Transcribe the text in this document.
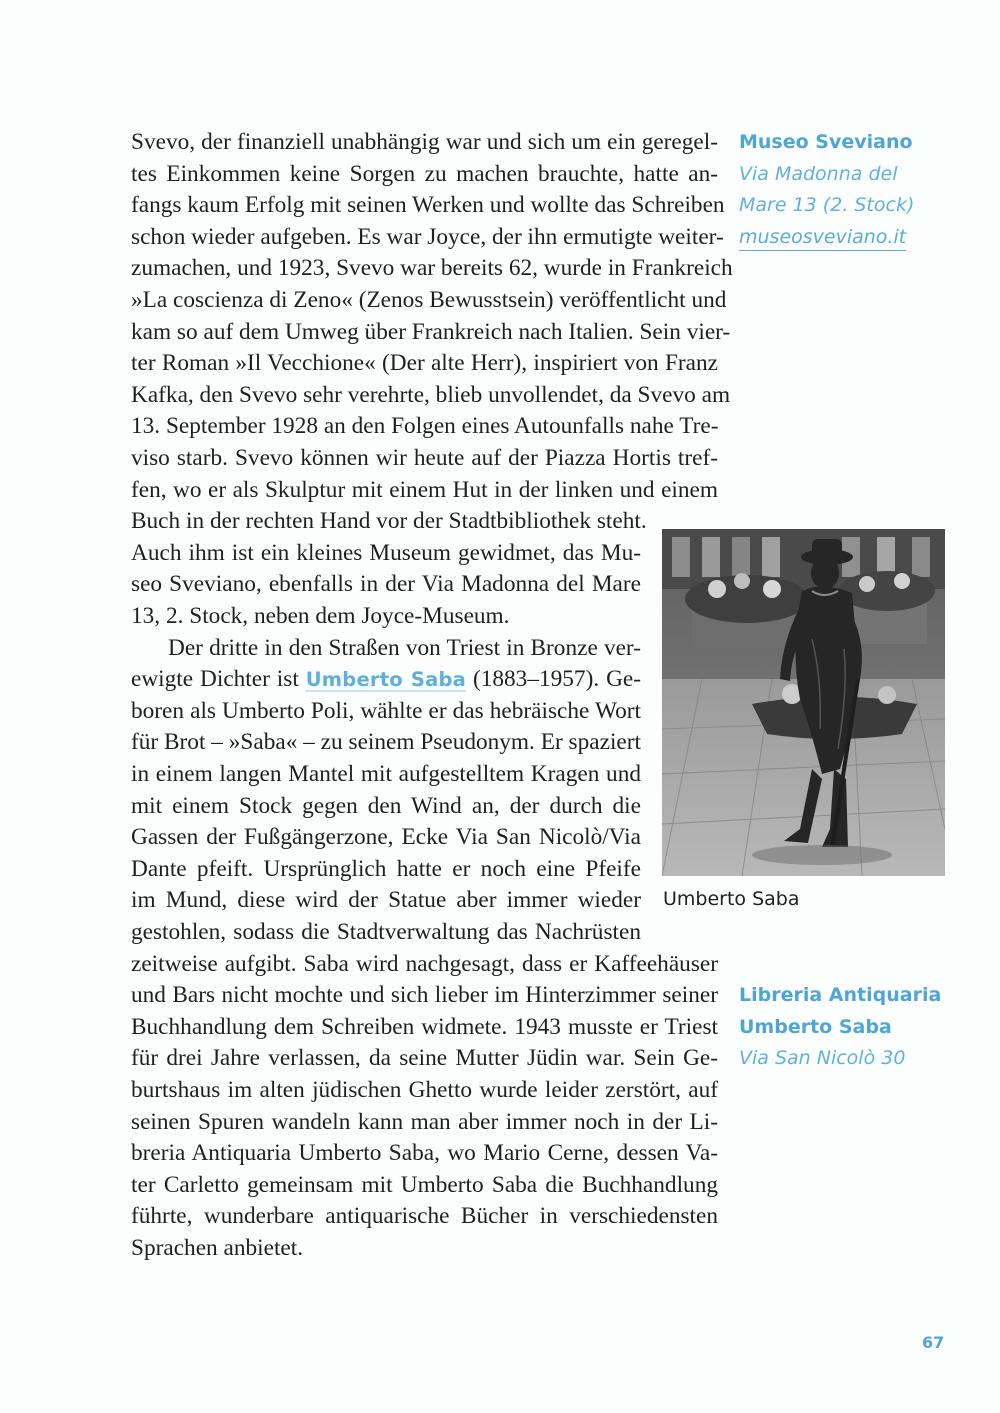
Svevo, der finanziell unabhängig war und sich um ein geregel-
tes Einkommen keine Sorgen zu machen brauchte, hatte an-
fangs kaum Erfolg mit seinen Werken und wollte das Schreiben
schon wieder aufgeben. Es war Joyce, der ihn ermutigte weiter-
zumachen, und 1923, Svevo war bereits 62, wurde in Frankreich
»La coscienza di Zeno« (Zenos Bewusstsein) veröffentlicht und
kam so auf dem Umweg über Frankreich nach Italien. Sein vier-
ter Roman »Il Vecchione« (Der alte Herr), inspiriert von Franz
Kafka, den Svevo sehr verehrte, blieb unvollendet, da Svevo am
13. September 1928 an den Folgen eines Autounfalls nahe Tre-
viso starb. Svevo können wir heute auf der Piazza Hortis tref-
fen, wo er als Skulptur mit einem Hut in der linken und einem
Buch in der rechten Hand vor der Stadtbibliothek steht.
Auch ihm ist ein kleines Museum gewidmet, das Mu-
seo Sveviano, ebenfalls in der Via Madonna del Mare
13, 2. Stock, neben dem Joyce-Museum.
Der dritte in den Straßen von Triest in Bronze ver-
ewigte Dichter ist Umberto Saba (1883–1957). Ge-
boren als Umberto Poli, wählte er das hebräische Wort
für Brot – »Saba« – zu seinem Pseudonym. Er spaziert
in einem langen Mantel mit aufgestelltem Kragen und
mit einem Stock gegen den Wind an, der durch die
Gassen der Fußgängerzone, Ecke Via San Nicolò/Via
Dante pfeift. Ursprünglich hatte er noch eine Pfeife
im Mund, diese wird der Statue aber immer wieder
gestohlen, sodass die Stadtverwaltung das Nachrüsten
zeitweise aufgibt. Saba wird nachgesagt, dass er Kaffeehäuser
und Bars nicht mochte und sich lieber im Hinterzimmer seiner
Buchhandlung dem Schreiben widmete. 1943 musste er Triest
für drei Jahre verlassen, da seine Mutter Jüdin war. Sein Ge-
burtshaus im alten jüdischen Ghetto wurde leider zerstört, auf
seinen Spuren wandeln kann man aber immer noch in der Li-
breria Antiquaria Umberto Saba, wo Mario Cerne, dessen Va-
ter Carletto gemeinsam mit Umberto Saba die Buchhandlung
führte, wunderbare antiquarische Bücher in verschiedensten
Sprachen anbietet.
Museo Sveviano
Via Madonna del
Mare 13 (2. Stock)
museosveviano.it
Umberto Saba
Libreria Antiquaria
Umberto Saba
Via San Nicolò 30
67
